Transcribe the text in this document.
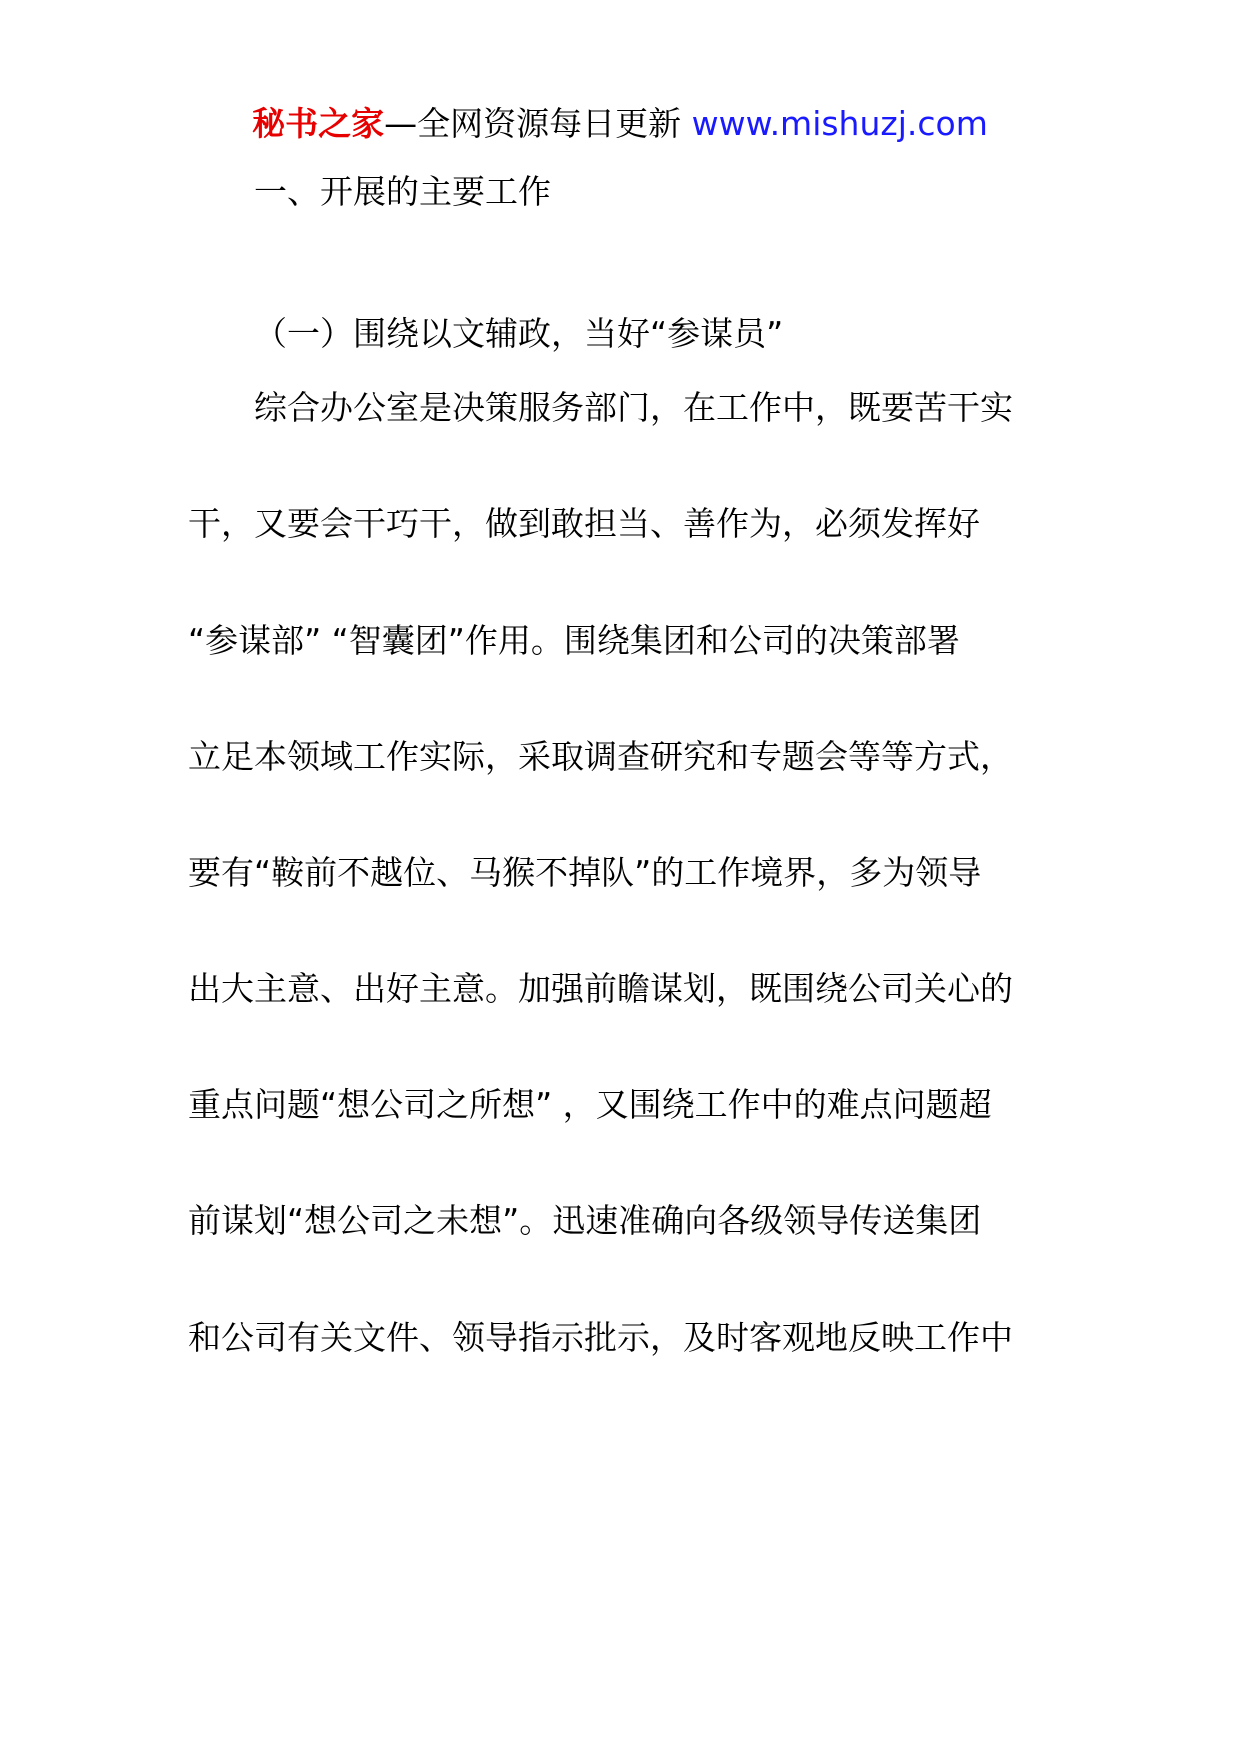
秘书之家—全网资源每日更新 www.mishuzj.com
一、开展的主要工作
（一）围绕以文辅政，当好“参谋员”
综合办公室是决策服务部门，在工作中，既要苦干实
干，又要会干巧干，做到敢担当、善作为，必须发挥好
“参谋部” “智囊团”作用。围绕集团和公司的决策部署
立足本领域工作实际，采取调查研究和专题会等等方式，
要有“鞍前不越位、马猴不掉队”的工作境界，多为领导
出大主意、出好主意。加强前瞻谋划，既围绕公司关心的
重点问题“想公司之所想” ，又围绕工作中的难点问题超
前谋划“想公司之未想”。迅速准确向各级领导传送集团
和公司有关文件、领导指示批示，及时客观地反映工作中
